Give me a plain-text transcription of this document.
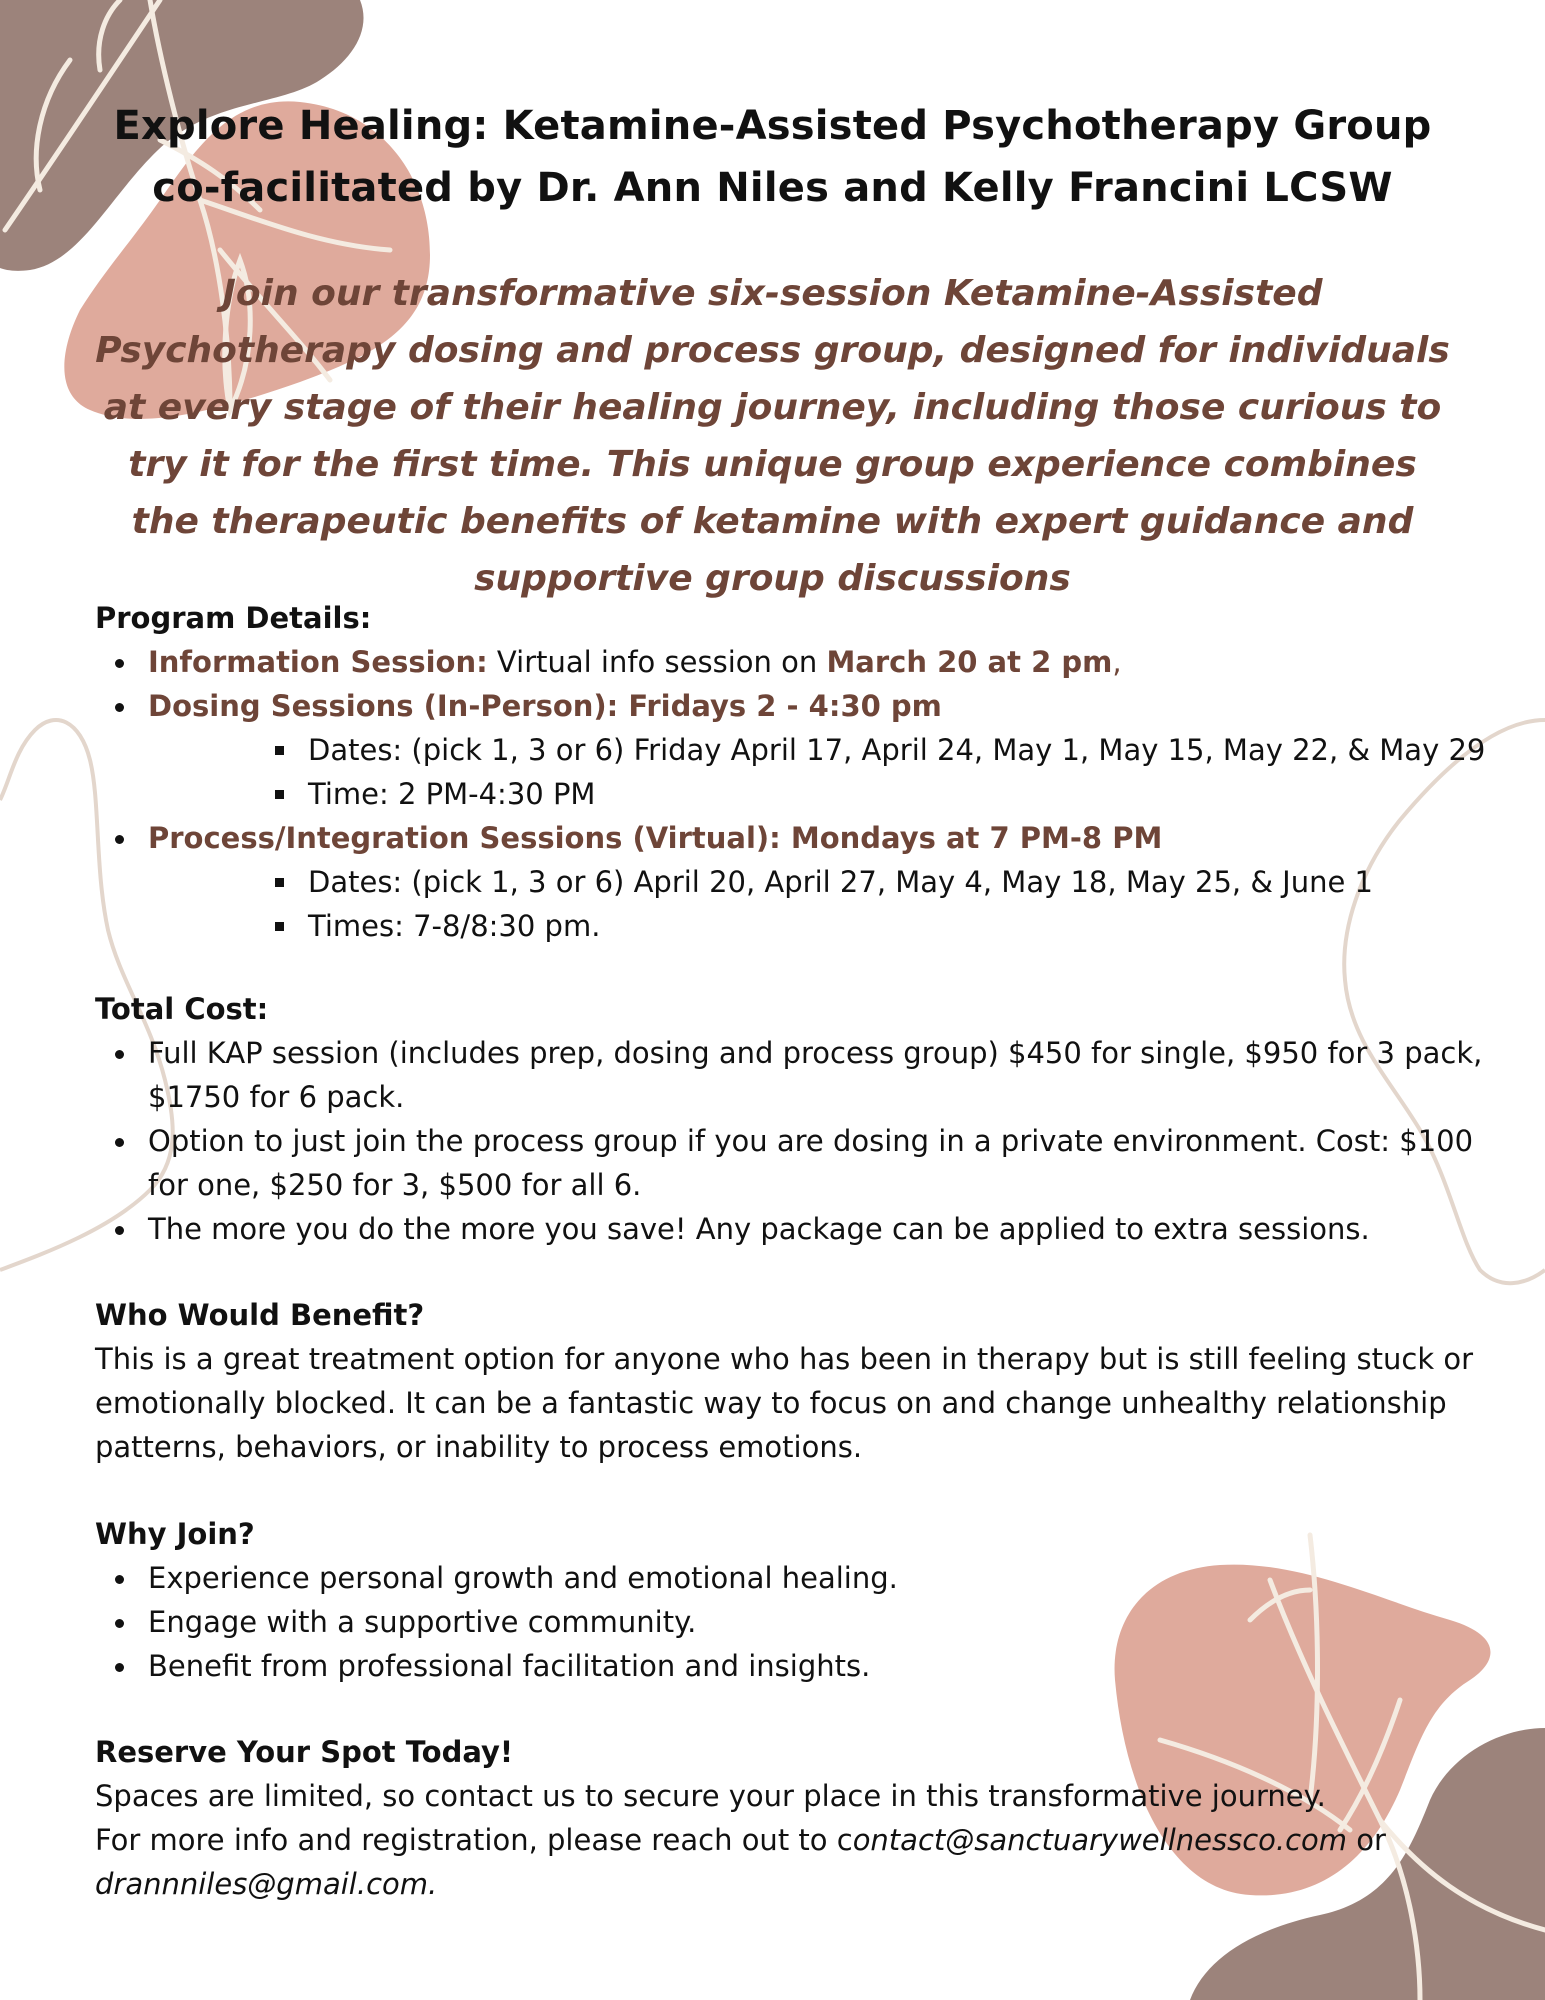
Explore Healing: Ketamine-Assisted Psychotherapy Group
co-facilitated by Dr. Ann Niles and Kelly Francini LCSW

Join our transformative six-session Ketamine-Assisted Psychotherapy dosing and process group, designed for individuals at every stage of their healing journey, including those curious to try it for the first time. This unique group experience combines the therapeutic benefits of ketamine with expert guidance and supportive group discussions

Program Details:
Information Session: Virtual info session on March 20 at 2 pm,
Dosing Sessions (In-Person): Fridays 2 - 4:30 pm
Dates: (pick 1, 3 or 6) Friday April 17, April 24, May 1, May 15, May 22, & May 29
Time: 2 PM-4:30 PM
Process/Integration Sessions (Virtual): Mondays at 7 PM-8 PM
Dates: (pick 1, 3 or 6) April 20, April 27, May 4, May 18, May 25, & June 1
Times: 7-8/8:30 pm.
Total Cost:
Full KAP session (includes prep, dosing and process group) $450 for single, $950 for 3 pack, $1750 for 6 pack.
Option to just join the process group if you are dosing in a private environment. Cost: $100 for one, $250 for 3, $500 for all 6.
The more you do the more you save! Any package can be applied to extra sessions.
Who Would Benefit?

This is a great treatment option for anyone who has been in therapy but is still feeling stuck or emotionally blocked. It can be a fantastic way to focus on and change unhealthy relationship patterns, behaviors, or inability to process emotions.

Why Join?
Experience personal growth and emotional healing.
Engage with a supportive community.
Benefit from professional facilitation and insights.
Reserve Your Spot Today!

Spaces are limited, so contact us to secure your place in this transformative journey.

For more info and registration, please reach out to contact@sanctuarywellnessco.com or
drannniles@gmail.com.
